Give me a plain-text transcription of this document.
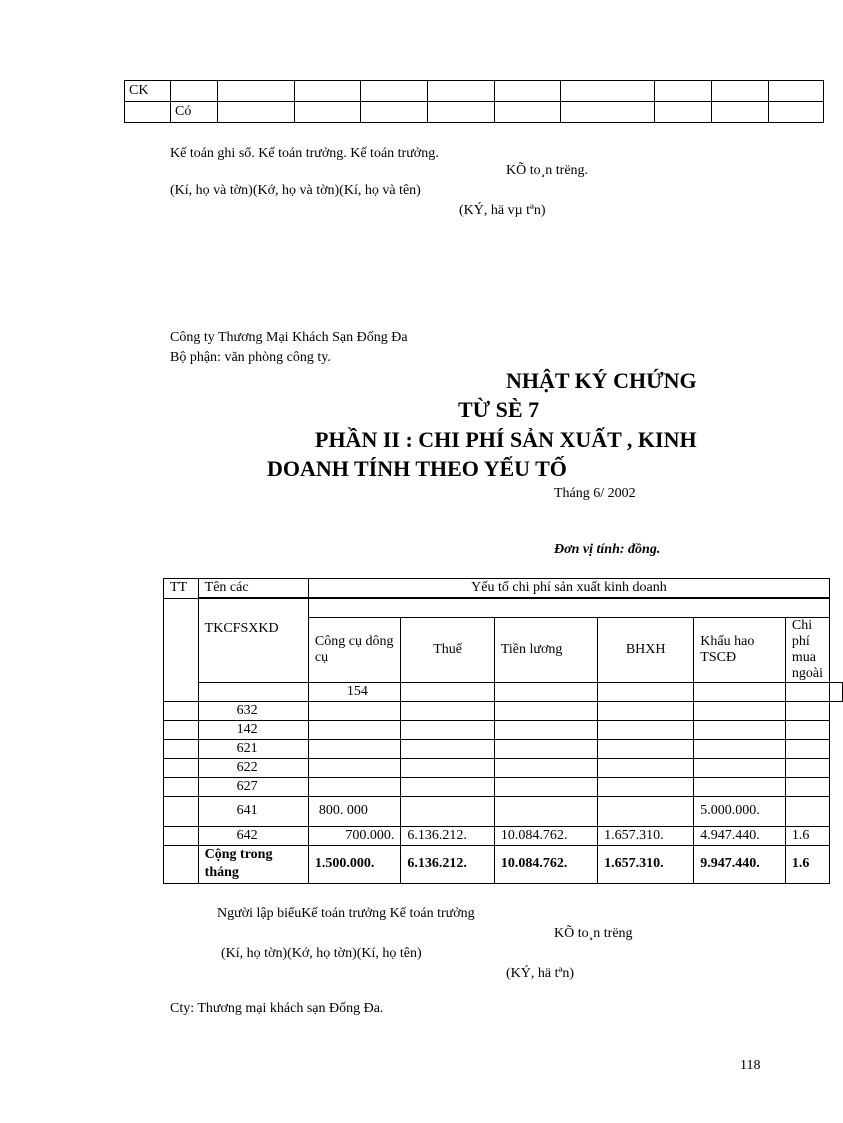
CK										
	Có									
Kế toán ghi sổ. Kế toán trưởng. Kế toán trưởng.
KÕ to¸n trëng.
(Kí, họ và tờn)(Kớ, họ và tờn)(Kí, họ và tên)
(KÝ, hä vµ tªn)
Công ty Thương Mại Khách Sạn Đống Đa
Bộ phận: văn phòng công ty.
NHẬT KÝ CHỨNG
TỪ SÈ 7
PHẦN II : CHI PHÍ SẢN XUẤT , KINH
DOANH TÍNH THEO YẾU TỐ
Tháng 6/ 2002
Đơn vị tính: đồng.
TT	Tên các	Yếu tố chi phí sản xuất kinh doanh						

	TKCFSXKD	Công cụ dông cụ	Thuế	Tiền lương	BHXH	Khấu hao TSCĐ	Chi phí mua ngoài	
		154						
	632							
	142							
	621							
	622							
	627							
	641	800. 000				5.000.000.		
	642	700.000.	6.136.212.	10.084.762.	1.657.310.	4.947.440.	1.6	
	Cộng trong tháng	1.500.000.	6.136.212.	10.084.762.	1.657.310.	9.947.440.	1.6	
Người lập biểuKế toán trưởng Kế toán trưởng
KÕ to¸n trëng
(Kí, họ tờn)(Kớ, họ tờn)(Kí, họ tên)
(KÝ, hä tªn)
Cty: Thương mại khách sạn Đống Đa.
118
